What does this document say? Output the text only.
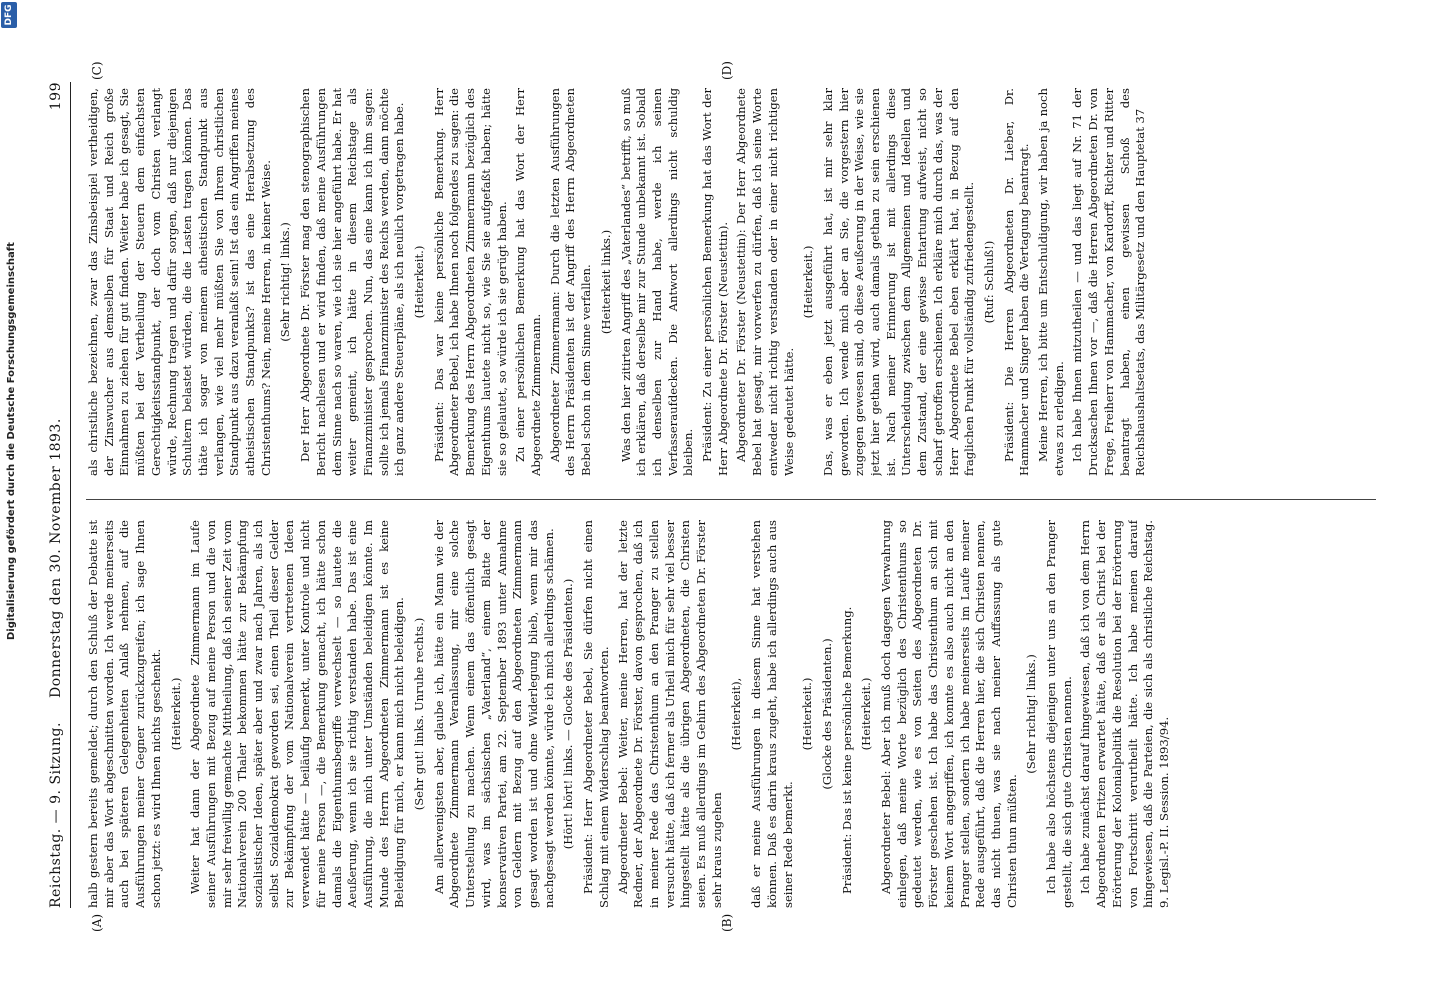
Digitalisierung gefördert durch die Deutsche Forschungsgemeinschaft
DFG
Reichstag. — 9. Sitzung.
Donnerstag den 30. November 1893.
199
(A)	(B)
(C)	(D)

halb gestern bereits gemeldet; durch den Schluß der Debatte ist mir aber das Wort abgeschnitten worden. Ich werde meinerseits auch bei späteren Gelegenheiten Anlaß nehmen, auf die Ausführungen meiner Gegner zurückzugreifen; ich sage Ihnen schon jetzt: es wird Ihnen nichts geschenkt. (Heiterkeit.) Weiter hat dann der Abgeordnete Zimmermann im Laufe seiner Ausführungen mit Bezug auf meine Person und die von mir sehr freiwillig gemachte Mittheilung, daß ich seiner Zeit vom Nationalverein 200 Thaler bekommen hätte zur Bekämpfung sozialistischer Ideen, später aber und zwar nach Jahren, als ich selbst Sozialdemokrat geworden sei, einen Theil dieser Gelder zur Bekämpfung der vom Nationalverein vertretenen Ideen verwendet hätte — beiläufig bemerkt, unter Kontrole und nicht für meine Person —, die Bemerkung gemacht, ich hätte schon damals die Eigenthumsbegriffe verwechselt — so lautete die Aeußerung, wenn ich sie richtig verstanden habe. Das ist eine Ausführung, die mich unter Umständen beleidigen könnte. Im Munde des Herrn Abgeordneten Zimmermann ist es keine Beleidigung für mich, er kann mich nicht beleidigen. (Sehr gut! links. Unruhe rechts.) Am allerwenigsten aber, glaube ich, hätte ein Mann wie der Abgeordnete Zimmermann Veranlassung, mir eine solche Unterstellung zu machen. Wenn einem das öffentlich gesagt wird, was im sächsischen „Vaterland“, einem Blatte der konservativen Partei, am 22. September 1893 unter Annahme von Geldern mit Bezug auf den Abgeordneten Zimmermann gesagt worden ist und ohne Widerlegung blieb, wenn mir das nachgesagt werden könnte, würde ich mich allerdings schämen. (Hört! hört! links. — Glocke des Präsidenten.) Präsident: Herr Abgeordneter Bebel, Sie dürfen nicht einen Schlag mit einem Widerschlag beantworten. Abgeordneter Bebel: Weiter, meine Herren, hat der letzte Redner, der Abgeordnete Dr. Förster, davon gesprochen, daß ich in meiner Rede das Christenthum an den Pranger zu stellen versucht hätte, daß ich ferner als Urheil mich für sehr viel besser hingestellt hätte als die übrigen Abgeordneten, die Christen seien. Es muß allerdings im Gehirn des Abgeordneten Dr. Förster sehr kraus zugehen

(Heiterkeit), daß er meine Ausführungen in diesem Sinne hat verstehen können. Daß es darin kraus zugeht, habe ich allerdings auch aus seiner Rede bemerkt.

(Heiterkeit.) (Glocke des Präsidenten.) Präsident: Das ist keine persönliche Bemerkung. (Heiterkeit.) Abgeordneter Bebel: Aber ich muß doch dagegen Verwahrung einlegen, daß meine Worte bezüglich des Christenthums so gedeutet werden, wie es von Seiten des Abgeordneten Dr. Förster geschehen ist. Ich habe das Christenthum an sich mit keinem Wort angegriffen, ich konnte es also auch nicht an den Pranger stellen, sondern ich habe meinerseits im Laufe meiner Rede ausgeführt, daß die Herren hier, die sich Christen nennen, das nicht thuen, was sie nach meiner Auffassung als gute Christen thun müßten.

(Sehr richtig! links.) Ich habe also höchstens diejenigen unter uns an den Pranger gestellt, die sich gute Christen nennen. Ich habe zunächst darauf hingewiesen, daß ich von dem Herrn Abgeordneten Fritzen erwartet hätte, daß er als Christ bei der Erörterung der Kolonialpolitik die Resolution bei der Erörterung von Fortschritt verurtheilt hätte. Ich habe meinen darauf hingewiesen, daß die Parteien, die sich als christliche Reichstag. 9. Legisl.-P. II. Session. 1893/94.

als christliche bezeichnen, zwar das Zinsbeispiel vertheidigen, der Zinswucher aus demselben für Staat und Reich große Einnahmen zu ziehen für gut finden. Weiter habe ich gesagt, Sie müßten bei der Vertheilung der Steuern dem einfachsten Gerechtigkeitsstandpunkt, der doch vom Christen verlangt würde, Rechnung tragen und dafür sorgen, daß nur diejenigen Schultern belastet würden, die die Lasten tragen können. Das thäte ich sogar von meinem atheistischen Standpunkt aus verlangen, wie viel mehr müßten Sie von Ihrem christlichen Standpunkt aus dazu veranlaßt sein! Ist das ein Angriffen meines atheistischen Standpunkts? ist das eine Herabsetzung des Christenthums? Nein, meine Herren, in keiner Weise. (Sehr richtig! links.) Der Herr Abgeordnete Dr. Förster mag den stenographischen Bericht nachlesen und er wird finden, daß meine Ausführungen dem Sinne nach so waren, wie ich sie hier angeführt habe. Er hat weiter gemeint, ich hätte in diesem Reichstage als Finanzminister gesprochen. Nun, das eine kann ich ihm sagen: sollte ich jemals Finanzminister des Reichs werden, dann möchte ich ganz andere Steuerpläne, als ich neulich vorgetragen habe. (Heiterkeit.) Präsident: Das war keine persönliche Bemerkung. Herr Abgeordneter Bebel, ich habe Ihnen noch folgendes zu sagen: die Bemerkung des Herrn Abgeordneten Zimmermann bezüglich des Eigenthums lautete nicht so, wie Sie sie aufgefaßt haben; hätte sie so gelautet, so würde ich sie gerügt haben. Zu einer persönlichen Bemerkung hat das Wort der Herr Abgeordnete Zimmermann. Abgeordneter Zimmermann: Durch die letzten Ausführungen des Herrn Präsidenten ist der Angriff des Herrn Abgeordneten Bebel schon in dem Sinne verfallen. (Heiterkeit links.) Was den hier zitirten Angriff des „Vaterlandes“ betrifft, so muß ich erklären, daß derselbe mir zur Stunde unbekannt ist. Sobald ich denselben zur Hand habe, werde ich seinen Verfasseraufdecken. Die Antwort allerdings nicht schuldig bleiben. Präsident: Zu einer persönlichen Bemerkung hat das Wort der Herr Abgeordnete Dr. Förster (Neustettin). Abgeordneter Dr. Förster (Neustettin): Der Herr Abgeordnete Bebel hat gesagt, mir vorwerfen zu dürfen, daß ich seine Worte entweder nicht richtig verstanden oder in einer nicht richtigen Weise gedeutet hätte.

(Heiterkeit.) Das, was er eben jetzt ausgeführt hat, ist mir sehr klar geworden. Ich wende mich aber an Sie, die vorgestern hier zugegen gewesen sind, ob diese Aeußerung in der Weise, wie sie jetzt hier gethan wird, auch damals gethan zu sein erschienen ist. Nach meiner Erinnerung ist mit allerdings diese Unterscheidung zwischen dem Allgemeinen und Ideellen und dem Zustand, der eine gewisse Entartung aufweist, nicht so scharf getroffen erschienen. Ich erkläre mich durch das, was der Herr Abgeordnete Bebel eben erklärt hat, in Bezug auf den fraglichen Punkt für vollständig zufriedengestellt. (Ruf: Schluß!) Präsident: Die Herren Abgeordneten Dr. Lieber, Dr. Hammacher und Singer haben die Vertagung beantragt. Meine Herren, ich bitte um Entschuldigung, wir haben ja noch etwas zu erledigen. Ich habe Ihnen mitzutheilen — und das liegt auf Nr. 71 der Drucksachen Ihnen vor —, daß die Herren Abgeordneten Dr. von Frege, Freiherr von Hammacher, von Kardorff, Richter und Ritter beantragt haben, einen gewissen Schoß des Reichshaushaltsetats, das Militärgesetz und den Hauptetat 37
